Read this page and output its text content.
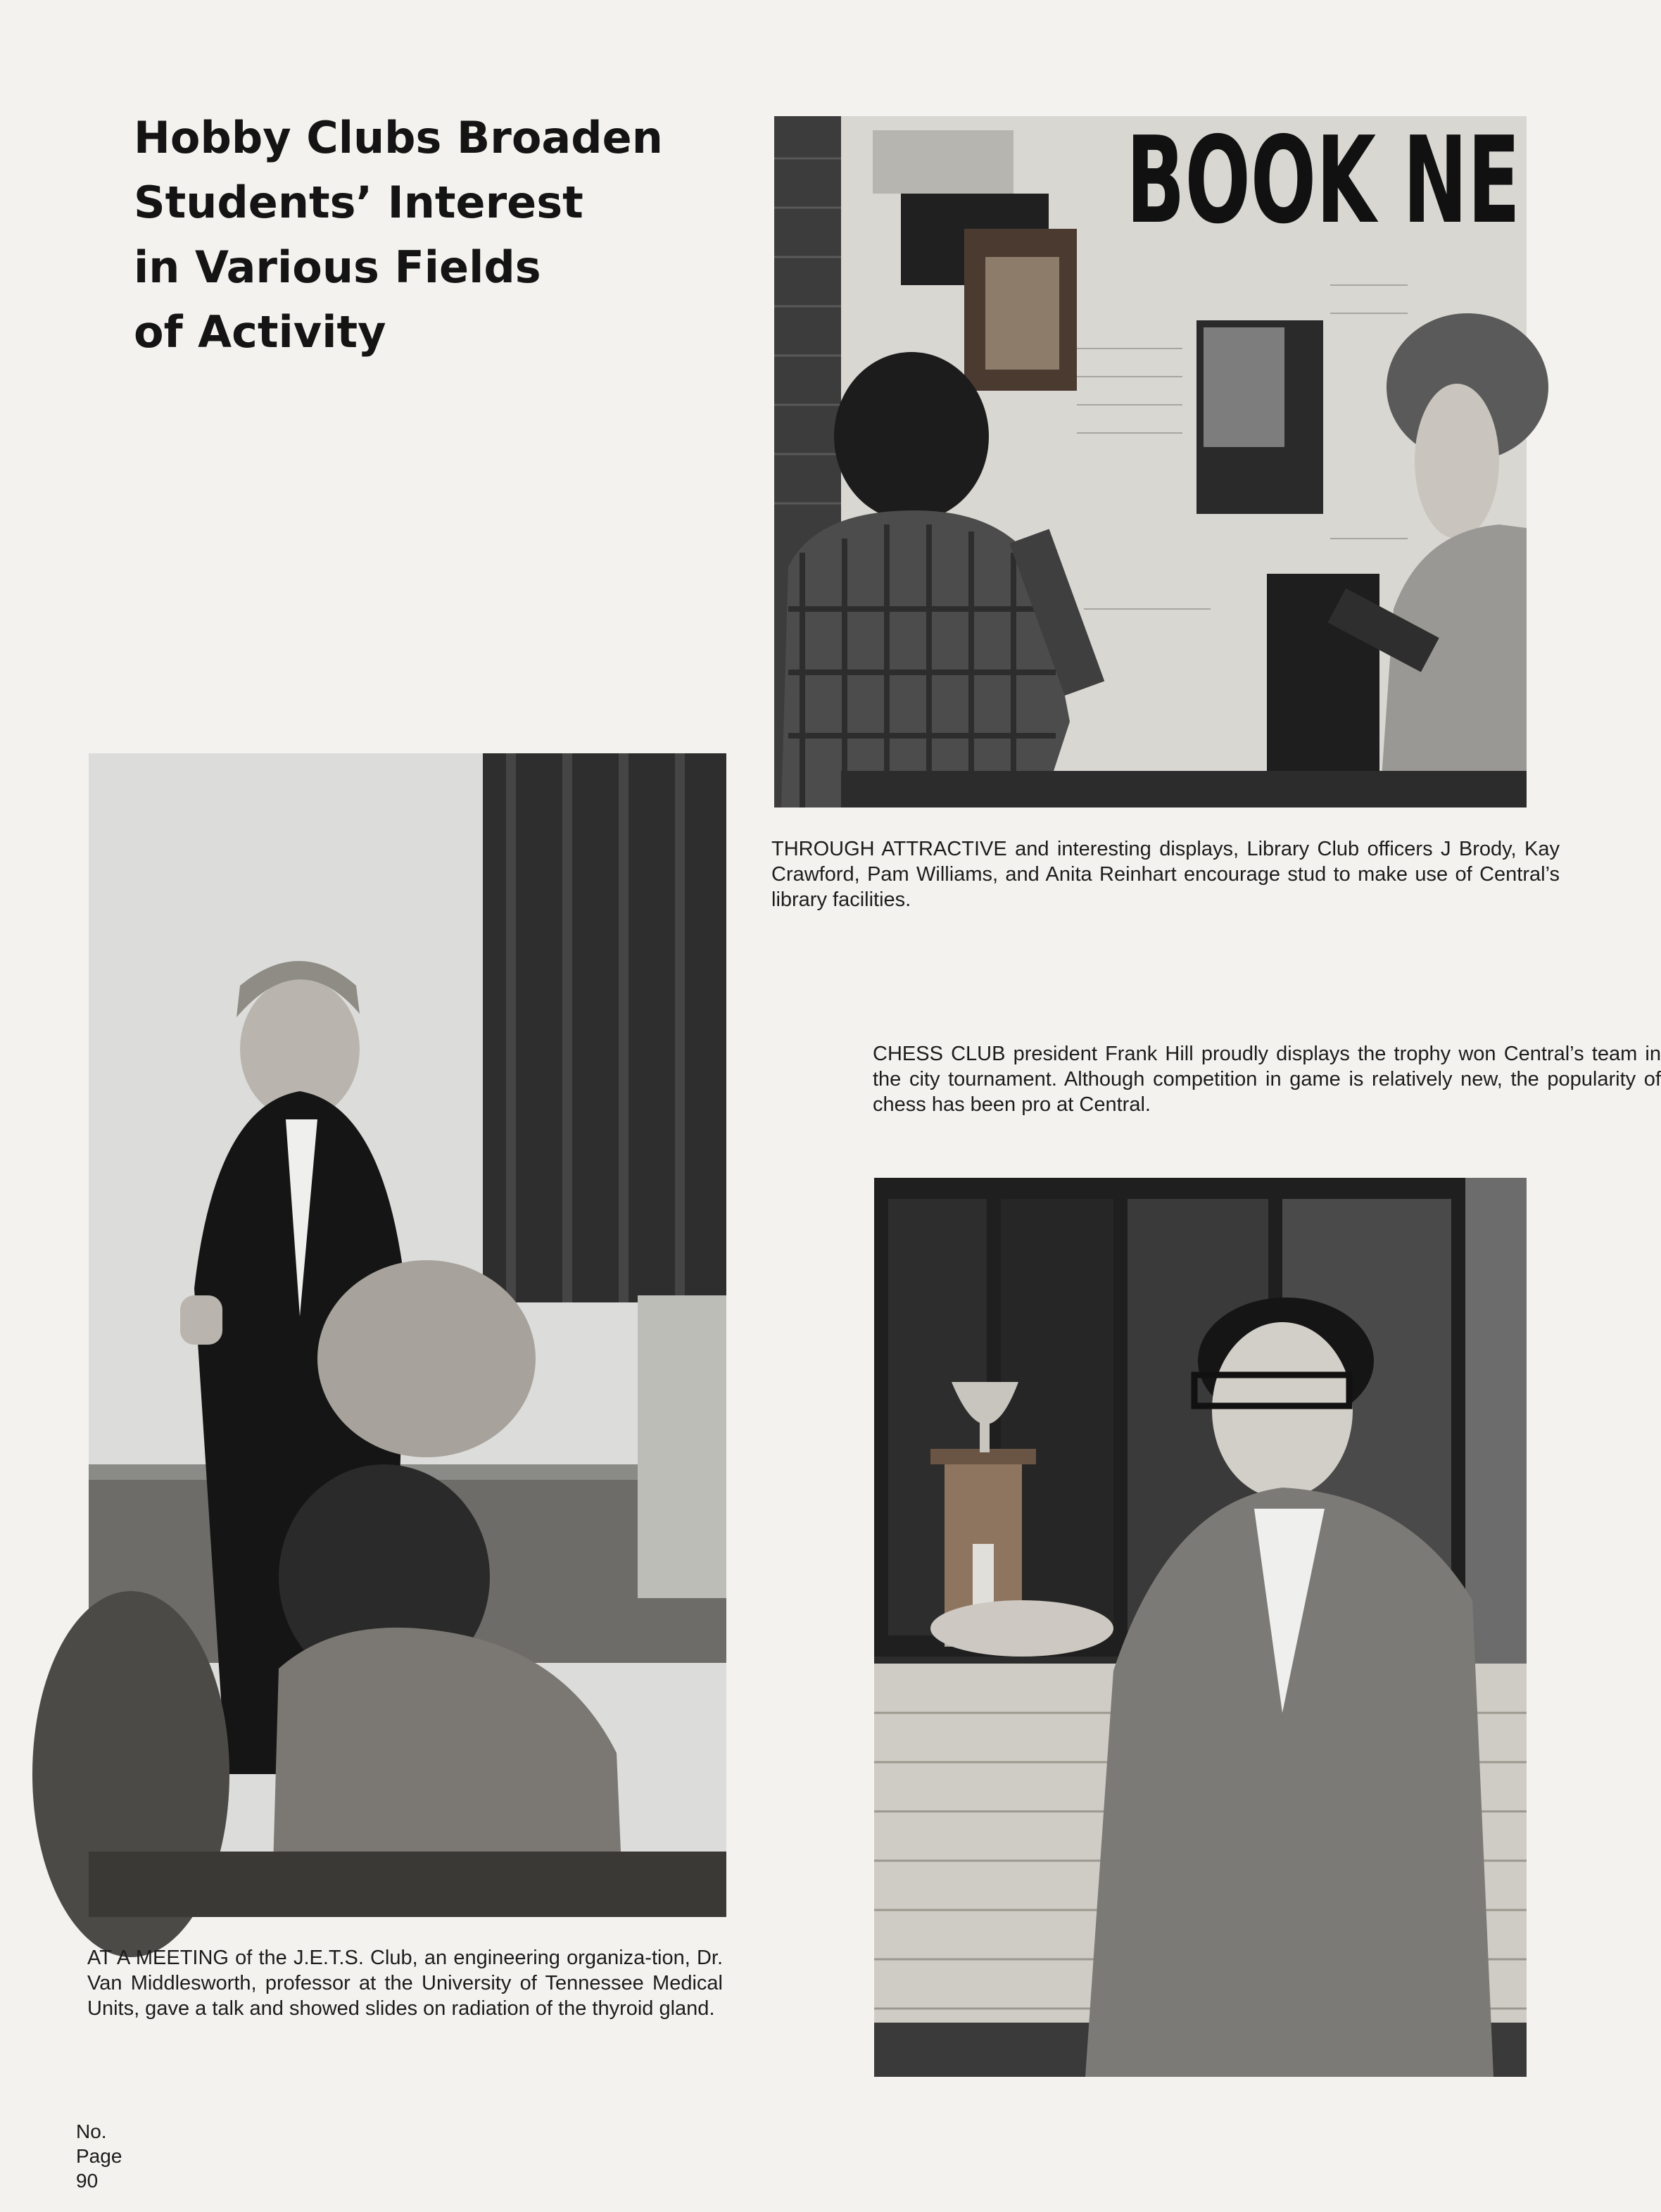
Hobby Clubs Broaden
Students’ Interest
in Various Fields
of Activity
BOOK NE

THROUGH ATTRACTIVE and interesting displays, Library Club officers J Brody, Kay Crawford, Pam Williams, and Anita Reinhart encourage stud to make use of Central’s library facilities.

CHESS CLUB president Frank Hill proudly displays the trophy won Central’s team in the city tournament. Although competition in game is relatively new, the popularity of chess has been pro at Central.

AT A MEETING of the J.E.T.S. Club, an engineering organiza-tion, Dr. Van Middlesworth, professor at the University of Tennessee Medical Units, gave a talk and showed slides on radiation of the thyroid gland.

No.
Page
90
